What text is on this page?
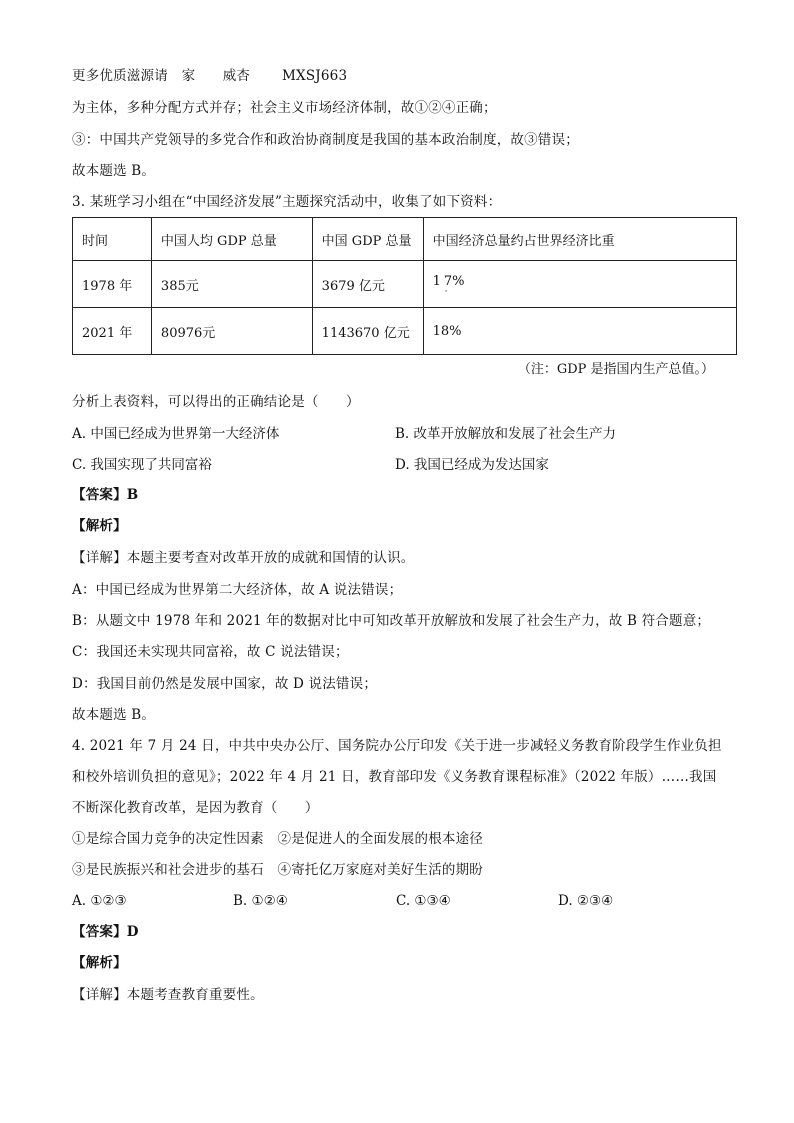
更多优质滋源请　家　　威杏　　 MXSJ663
为主体，多种分配方式并存；社会主义市场经济体制，故①②④正确；
③：中国共产党领导的多党合作和政治协商制度是我国的基本政治制度，故③错误；
故本题选 B。
3. 某班学习小组在“中国经济发展”主题探究活动中，收集了如下资料：
时间	中国人均 GDP 总量	中国 GDP 总量	中国经济总量约占世界经济比重
1978 年	385元	3679 亿元	1 7%
·

2021 年	80976元	1143670 亿元	18%
（注：GDP 是指国内生产总值。）
分析上表资料，可以得出的正确结论是（　　）
A. 中国已经成为世界第一大经济体	B. 改革开放解放和发展了社会生产力
C. 我国实现了共同富裕	D. 我国已经成为发达国家
【答案】B
【解析】
【详解】本题主要考查对改革开放的成就和国情的认识。
A：中国已经成为世界第二大经济体，故 A 说法错误；
B：从题文中 1978 年和 2021 年的数据对比中可知改革开放解放和发展了社会生产力，故 B 符合题意；
C：我国还未实现共同富裕，故 C 说法错误；
D：我国目前仍然是发展中国家，故 D 说法错误；
故本题选 B。
4. 2021 年 7 月 24 日，中共中央办公厅、国务院办公厅印发《关于进一步减轻义务教育阶段学生作业负担
和校外培训负担的意见》；2022 年 4 月 21 日，教育部印发《义务教育课程标准》（2022 年版）……我国
不断深化教育改革，是因为教育（　　）
①是综合国力竞争的决定性因素　②是促进人的全面发展的根本途径
③是民族振兴和社会进步的基石　④寄托亿万家庭对美好生活的期盼
A. ①②③	B. ①②④	C. ①③④	D. ②③④
【答案】D
【解析】
【详解】本题考查教育重要性。
